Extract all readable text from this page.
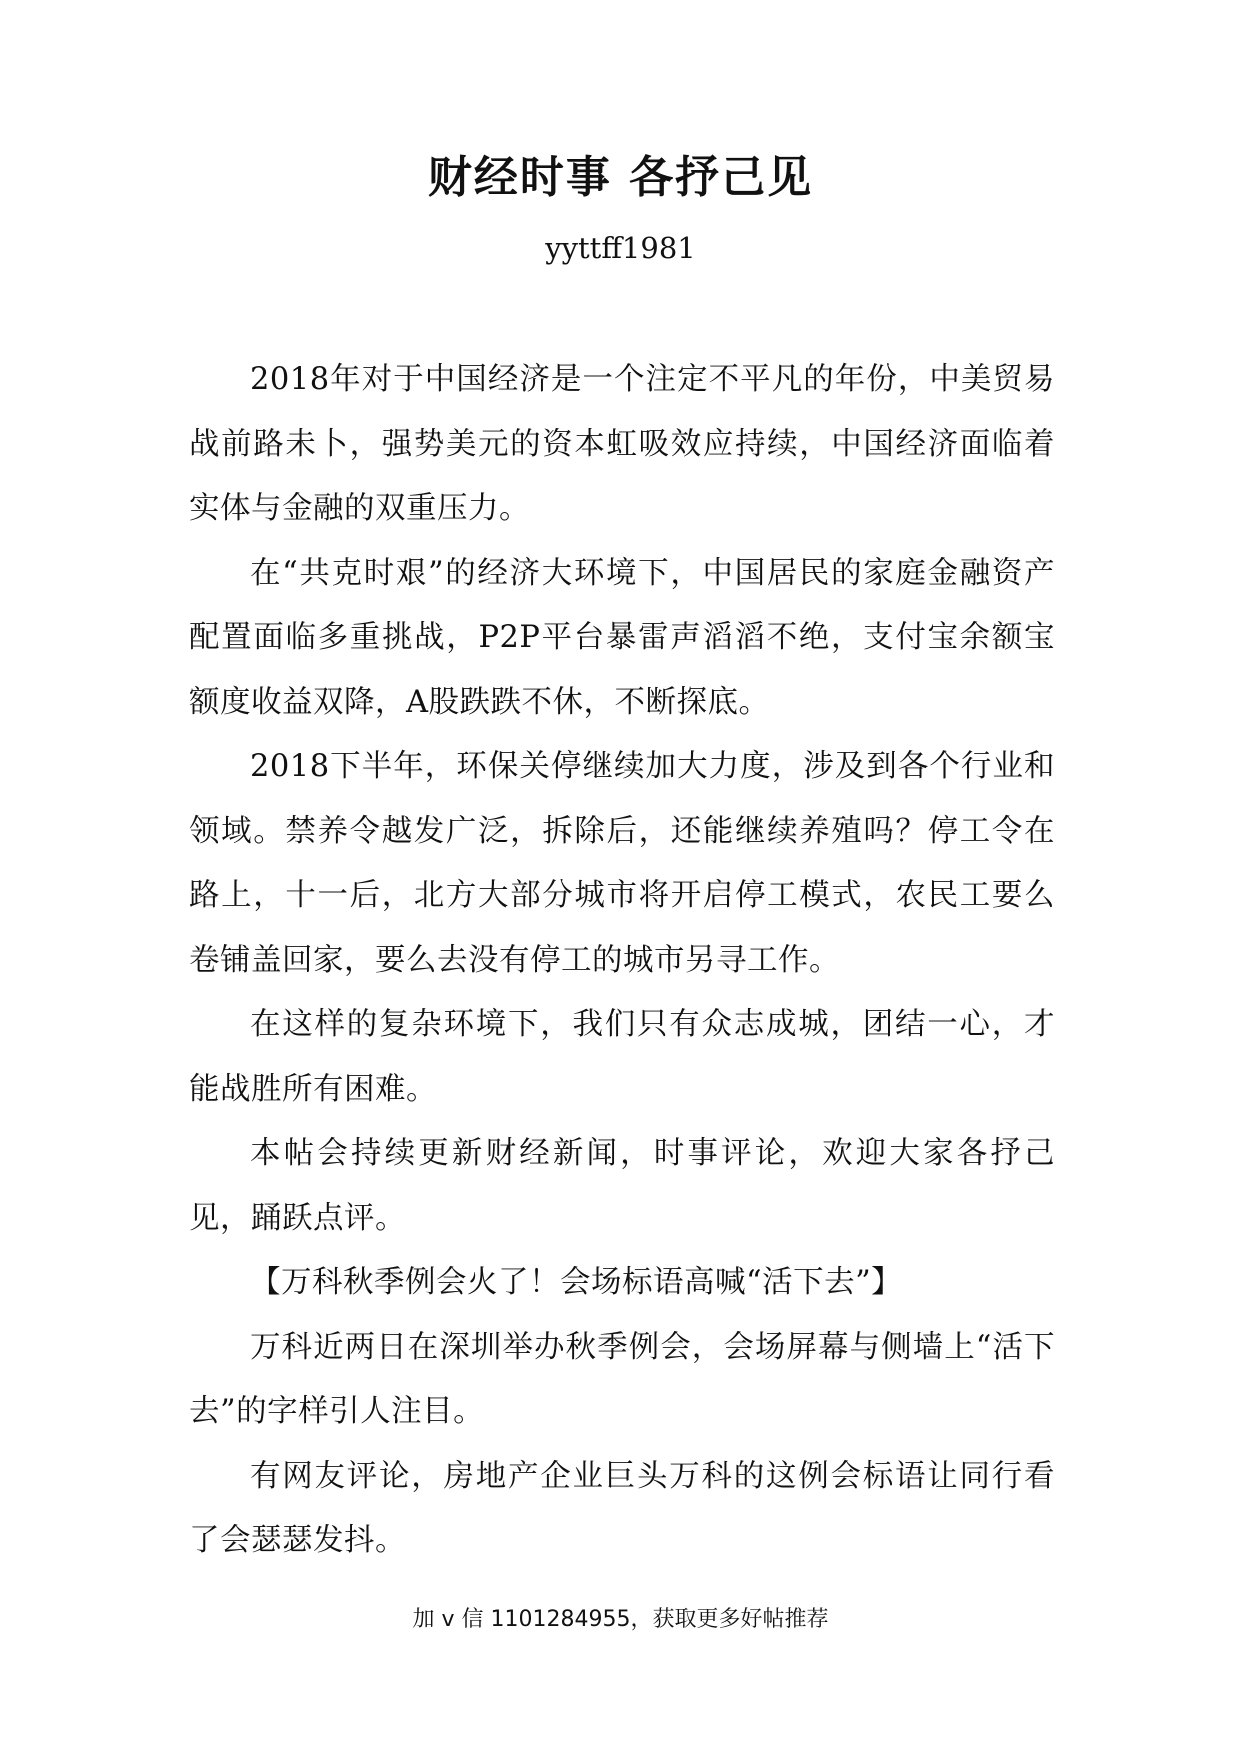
财经时事 各抒己见

yyttff1981

2018年对于中国经济是一个注定不平凡的年份，中美贸易战前路未卜，强势美元的资本虹吸效应持续，中国经济面临着实体与金融的双重压力。

在“共克时艰”的经济大环境下，中国居民的家庭金融资产配置面临多重挑战，P2P平台暴雷声滔滔不绝，支付宝余额宝额度收益双降，A股跌跌不休，不断探底。

2018下半年，环保关停继续加大力度，涉及到各个行业和领域。禁养令越发广泛，拆除后，还能继续养殖吗？停工令在路上，十一后，北方大部分城市将开启停工模式，农民工要么卷铺盖回家，要么去没有停工的城市另寻工作。

在这样的复杂环境下，我们只有众志成城，团结一心，才能战胜所有困难。

本帖会持续更新财经新闻，时事评论，欢迎大家各抒己见，踊跃点评。

【万科秋季例会火了！会场标语高喊“活下去”】

万科近两日在深圳举办秋季例会，会场屏幕与侧墙上“活下去”的字样引人注目。

有网友评论，房地产企业巨头万科的这例会标语让同行看了会瑟瑟发抖。

加 v 信 1101284955，获取更多好帖推荐
